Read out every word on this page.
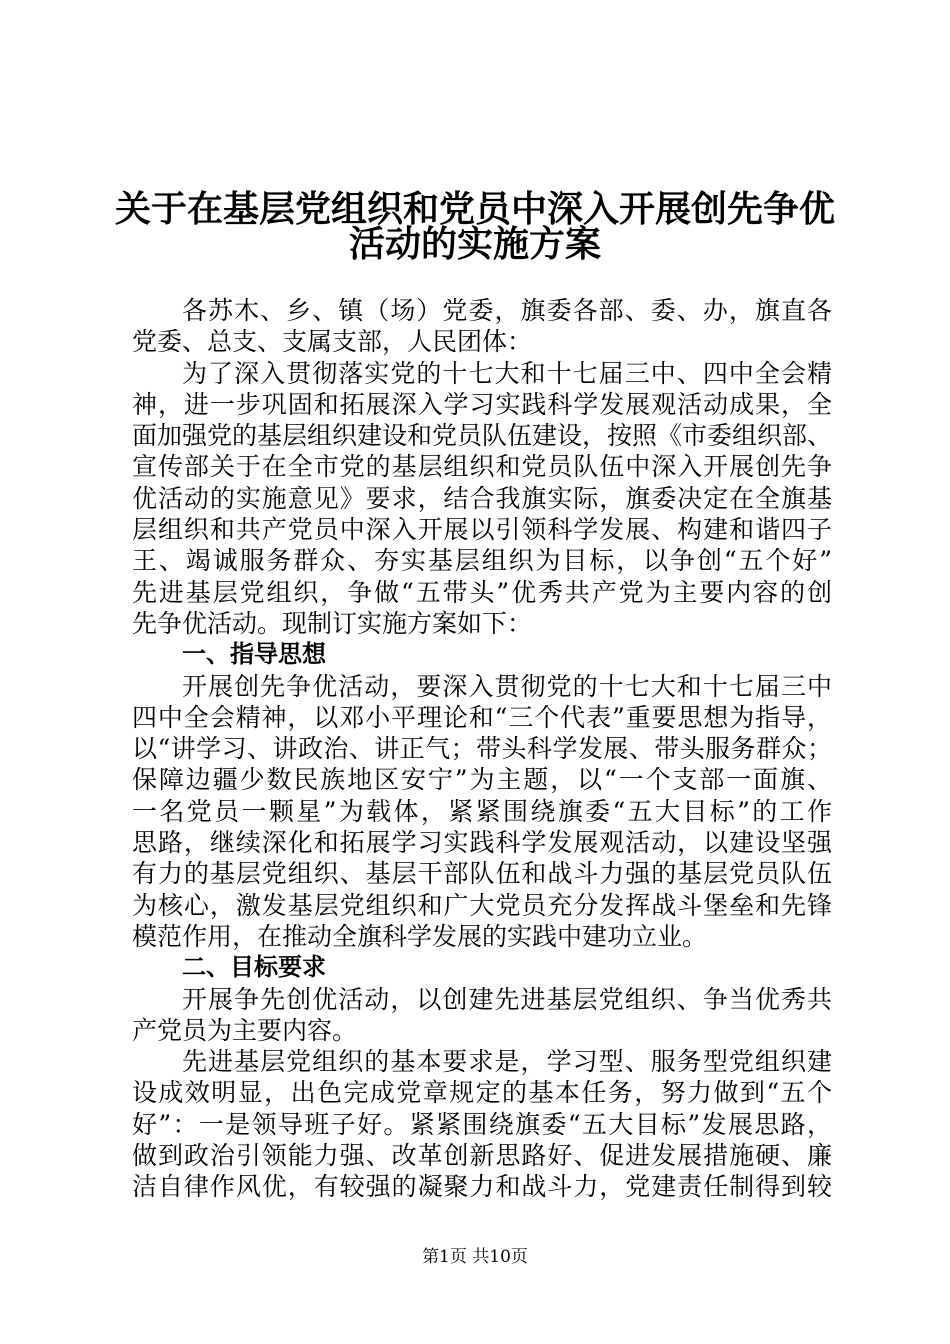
关于在基层党组织和党员中深入开展创先争优
活动的实施方案
各苏木、乡、镇（场）党委，旗委各部、委、办，旗直各
党委、总支、支属支部，人民团体：
为了深入贯彻落实党的十七大和十七届三中、四中全会精
神，进一步巩固和拓展深入学习实践科学发展观活动成果，全
面加强党的基层组织建设和党员队伍建设，按照《市委组织部、
宣传部关于在全市党的基层组织和党员队伍中深入开展创先争
优活动的实施意见》要求，结合我旗实际，旗委决定在全旗基
层组织和共产党员中深入开展以引领科学发展、构建和谐四子
王、竭诚服务群众、夯实基层组织为目标，以争创“五个好”
先进基层党组织，争做“五带头”优秀共产党为主要内容的创
先争优活动。现制订实施方案如下：
一、指导思想
开展创先争优活动，要深入贯彻党的十七大和十七届三中
四中全会精神，以邓小平理论和“三个代表”重要思想为指导，
以“讲学习、讲政治、讲正气；带头科学发展、带头服务群众；
保障边疆少数民族地区安宁”为主题，以“一个支部一面旗、
一名党员一颗星”为载体，紧紧围绕旗委“五大目标”的工作
思路，继续深化和拓展学习实践科学发展观活动，以建设坚强
有力的基层党组织、基层干部队伍和战斗力强的基层党员队伍
为核心，激发基层党组织和广大党员充分发挥战斗堡垒和先锋
模范作用，在推动全旗科学发展的实践中建功立业。
二、目标要求
开展争先创优活动，以创建先进基层党组织、争当优秀共
产党员为主要内容。
先进基层党组织的基本要求是，学习型、服务型党组织建
设成效明显，出色完成党章规定的基本任务，努力做到“五个
好”：一是领导班子好。紧紧围绕旗委“五大目标”发展思路，
做到政治引领能力强、改革创新思路好、促进发展措施硬、廉
洁自律作风优，有较强的凝聚力和战斗力，党建责任制得到较
第1页 共10页
